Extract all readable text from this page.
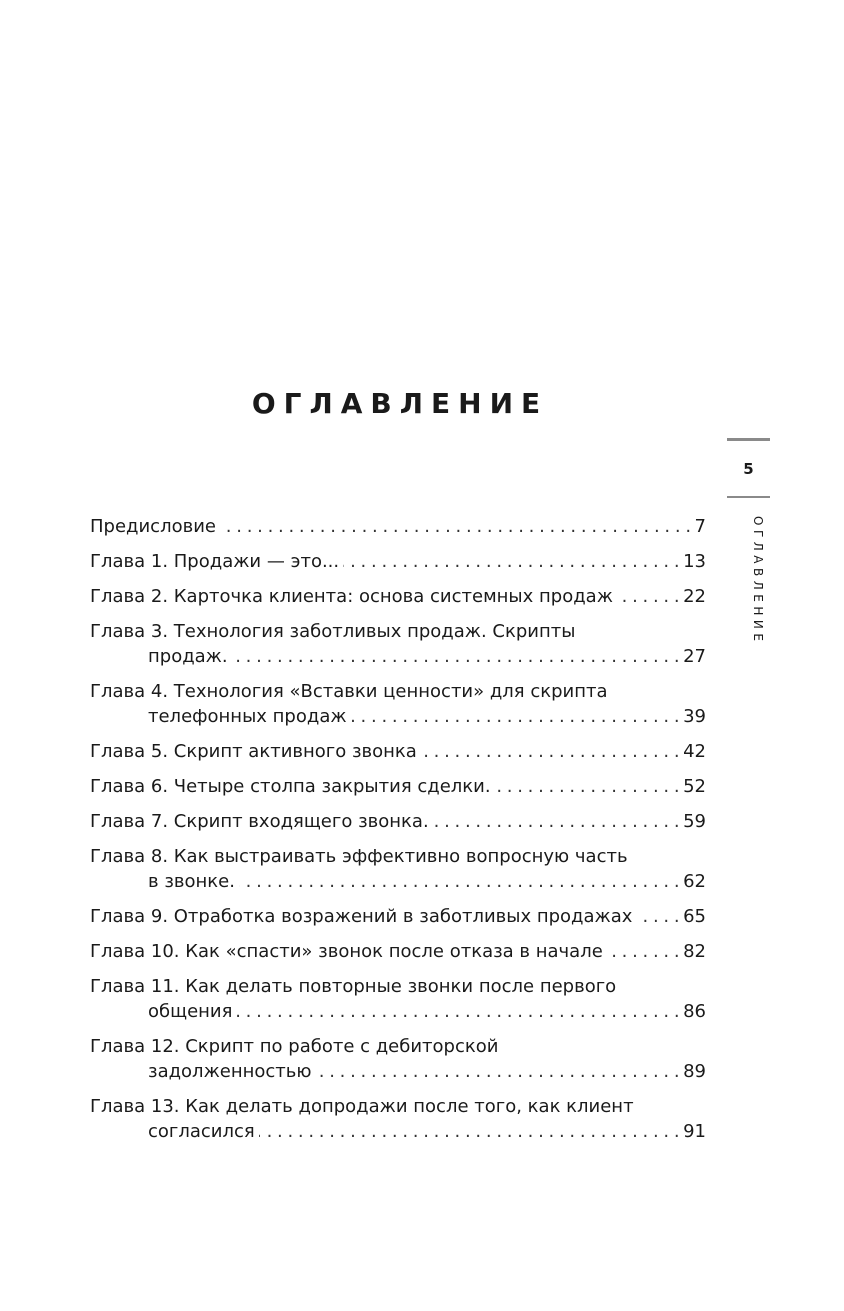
ОГЛАВЛЕНИЕ
5
ОГЛАВЛЕНИЕ
Предисловие . . .	7
Глава 1. Продажи — это... . . .	13
Глава 2. Карточка клиента: основа системных продаж . . .	22
Глава 3. Технология заботливых продаж. Скрипты
продаж. . . .	27
Глава 4. Технология «Вставки ценности» для скрипта
телефонных продаж . . .	39
Глава 5. Скрипт активного звонка . . .	42
Глава 6. Четыре столпа закрытия сделки. . . .	52
Глава 7. Скрипт входящего звонка. . . .	59
Глава 8. Как выстраивать эффективно вопросную часть
в звонке. . . .	62
Глава 9. Отработка возражений в заботливых продажах . . .	65
Глава 10. Как «спасти» звонок после отказа в начале . . .	82
Глава 11. Как делать повторные звонки после первого
общения . . .	86
Глава 12. Скрипт по работе с дебиторской
задолженностью . . .	89
Глава 13. Как делать допродажи после того, как клиент
согласился . . .	91
